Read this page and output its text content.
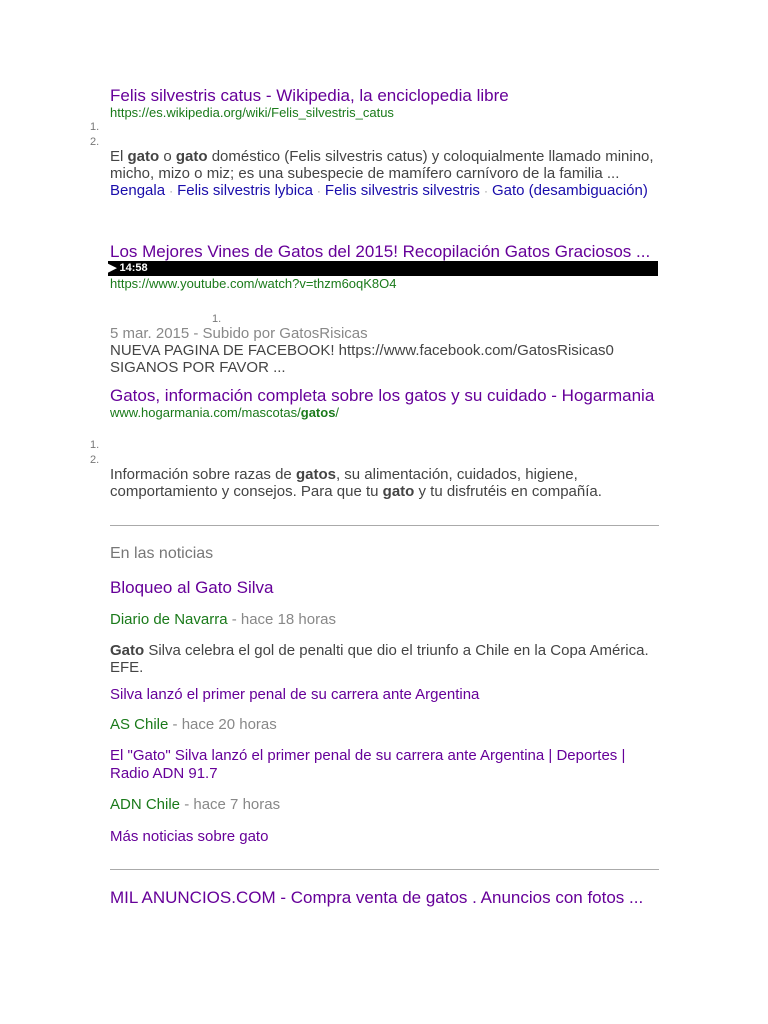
Felis silvestris catus - Wikipedia, la enciclopedia libre
https://es.wikipedia.org/wiki/Felis_silvestris_catus
1.
2.
El gato o gato doméstico (Felis silvestris catus) y coloquialmente llamado minino, micho, mizo o miz; es una subespecie de mamífero carnívoro de la familia ...
Bengala · Felis silvestris lybica · Felis silvestris silvestris · Gato (desambiguación)
Los Mejores Vines de Gatos del 2015! Recopilación Gatos Graciosos ...
▶ 14:58
https://www.youtube.com/watch?v=thzm6oqK8O4
1.
5 mar. 2015 - Subido por GatosRisicas
NUEVA PAGINA DE FACEBOOK! https://www.facebook.com/GatosRisicas0 SIGANOS POR FAVOR ...
Gatos, información completa sobre los gatos y su cuidado - Hogarmania
www.hogarmania.com/mascotas/gatos/
1.
2.
Información sobre razas de gatos, su alimentación, cuidados, higiene, comportamiento y consejos. Para que tu gato y tu disfrutéis en compañía.
En las noticias
Bloqueo al Gato Silva
Diario de Navarra - hace 18 horas
Gato Silva celebra el gol de penalti que dio el triunfo a Chile en la Copa América. EFE.
Silva lanzó el primer penal de su carrera ante Argentina
AS Chile - hace 20 horas
El "Gato" Silva lanzó el primer penal de su carrera ante Argentina | Deportes | Radio ADN 91.7
ADN Chile - hace 7 horas
Más noticias sobre gato
MIL ANUNCIOS.COM - Compra venta de gatos . Anuncios con fotos ...
